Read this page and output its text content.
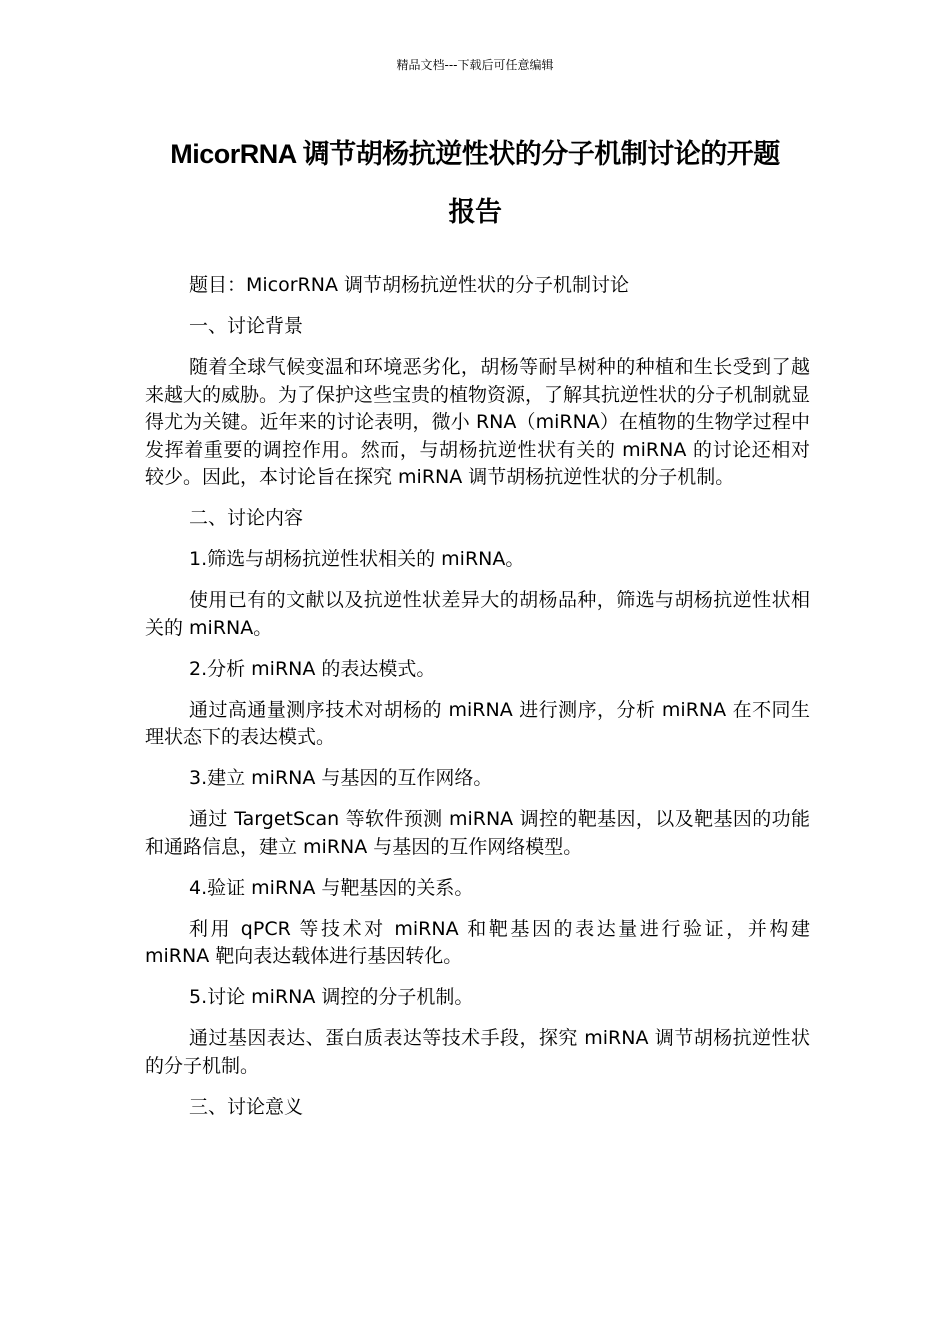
精品文档---下载后可任意编辑
MicorRNA 调节胡杨抗逆性状的分子机制讨论的开题
报告

题目：MicorRNA 调节胡杨抗逆性状的分子机制讨论

一、讨论背景

随着全球气候变温和环境恶劣化，胡杨等耐旱树种的种植和生长受到了越来越大的威胁。为了保护这些宝贵的植物资源，了解其抗逆性状的分子机制就显得尤为关键。近年来的讨论表明，微小 RNA（miRNA）在植物的生物学过程中发挥着重要的调控作用。然而，与胡杨抗逆性状有关的 miRNA 的讨论还相对较少。因此，本讨论旨在探究 miRNA 调节胡杨抗逆性状的分子机制。

二、讨论内容

1.筛选与胡杨抗逆性状相关的 miRNA。

使用已有的文献以及抗逆性状差异大的胡杨品种，筛选与胡杨抗逆性状相关的 miRNA。

2.分析 miRNA 的表达模式。

通过高通量测序技术对胡杨的 miRNA 进行测序，分析 miRNA 在不同生理状态下的表达模式。

3.建立 miRNA 与基因的互作网络。

通过 TargetScan 等软件预测 miRNA 调控的靶基因，以及靶基因的功能和通路信息，建立 miRNA 与基因的互作网络模型。

4.验证 miRNA 与靶基因的关系。

利用 qPCR 等技术对 miRNA 和靶基因的表达量进行验证，并构建 miRNA 靶向表达载体进行基因转化。

5.讨论 miRNA 调控的分子机制。

通过基因表达、蛋白质表达等技术手段，探究 miRNA 调节胡杨抗逆性状的分子机制。

三、讨论意义
